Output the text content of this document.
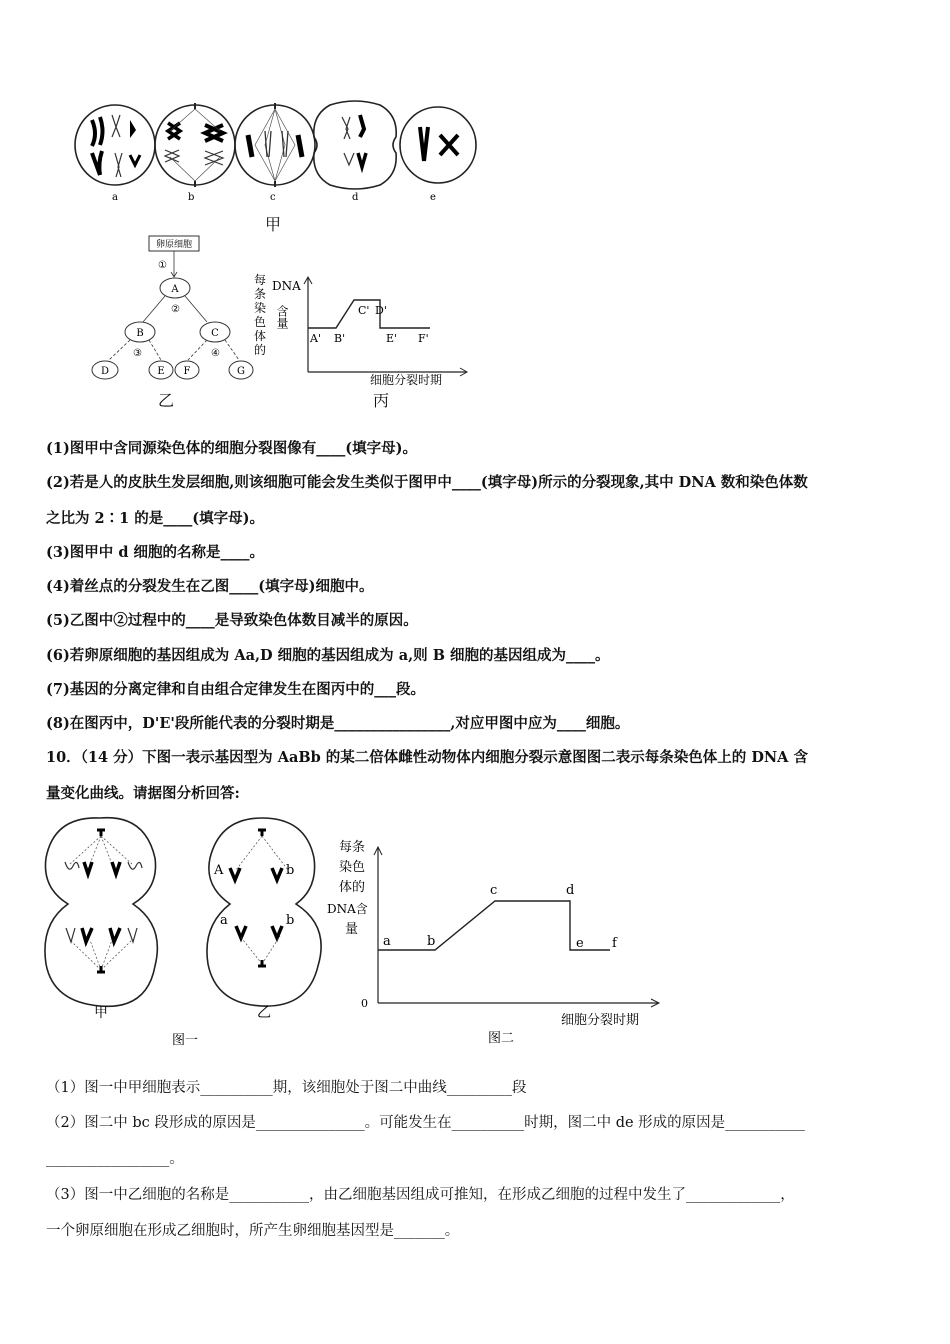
a	b	c	d	e
甲
卵原细胞
①
A
②
B	C
③	④
D	E F	G
乙
每
条
染
色
体
的
DNA
含量
A' B'
C' D'
E' F'
细胞分裂时期
丙
(1)图甲中含同源染色体的细胞分裂图像有____(填字母)。
(2)若是人的皮肤生发层细胞,则该细胞可能会发生类似于图甲中____(填字母)所示的分裂现象,其中 DNA 数和染色体数
之比为 2∶1 的是____(填字母)。
(3)图甲中 d 细胞的名称是____。
(4)着丝点的分裂发生在乙图____(填字母)细胞中。
(5)乙图中②过程中的____是导致染色体数目减半的原因。
(6)若卵原细胞的基因组成为 Aa,D 细胞的基因组成为 a,则 B 细胞的基因组成为____。
(7)基因的分离定律和自由组合定律发生在图丙中的___段。
(8)在图丙中，D'E'段所能代表的分裂时期是________________,对应甲图中应为____细胞。
10．（14 分）下图一表示基因型为 AaBb 的某二倍体雌性动物体内细胞分裂示意图图二表示每条染色体上的 DNA 含
量变化曲线。请据图分析回答:
A	b
a	b
甲	乙
图一
每条
染色
体的
DNA含
量
0
a	b
c	d
e f
细胞分裂时期
图二
（1）图一中甲细胞表示__________期，该细胞处于图二中曲线_________段
（2）图二中 bc 段形成的原因是_______________。可能发生在__________时期，图二中 de 形成的原因是___________
_________________。
（3）图一中乙细胞的名称是___________，由乙细胞基因组成可推知，在形成乙细胞的过程中发生了_____________，
一个卵原细胞在形成乙细胞时，所产生卵细胞基因型是_______。
